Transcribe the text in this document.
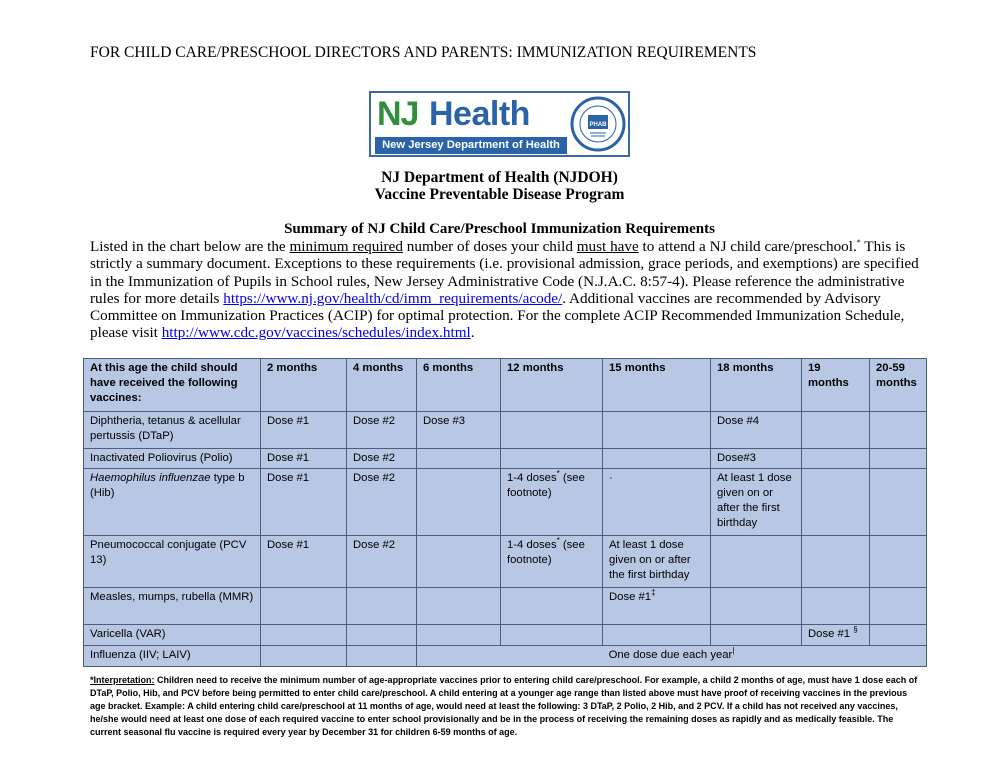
FOR CHILD CARE/PRESCHOOL DIRECTORS AND PARENTS: IMMUNIZATION REQUIREMENTS
NJ Health
New Jersey Department of Health
PHAB
NJ Department of Health (NJDOH)
Vaccine Preventable Disease Program
Summary of NJ Child Care/Preschool Immunization Requirements
Listed in the chart below are the minimum required number of doses your child must have to attend a NJ child care/preschool.* This is strictly a summary document. Exceptions to these requirements (i.e. provisional admission, grace periods, and exemptions) are specified in the Immunization of Pupils in School rules, New Jersey Administrative Code (N.J.A.C. 8:57-4). Please reference the administrative rules for more details https://www.nj.gov/health/cd/imm_requirements/acode/. Additional vaccines are recommended by Advisory Committee on Immunization Practices (ACIP) for optimal protection. For the complete ACIP Recommended Immunization Schedule, please visit http://www.cdc.gov/vaccines/schedules/index.html.
At this age the child should have received the following vaccines:	2 months	4 months	6 months	12 months	15 months	18 months	19 months	20-59 months
Diphtheria, tetanus & acellular pertussis (DTaP)	Dose #1	Dose #2	Dose #3			Dose #4		
Inactivated Poliovirus (Polio)	Dose #1	Dose #2				Dose#3		
Haemophilus influenzae type b (Hib)	Dose #1	Dose #2		1-4 doses* (see footnote)	·	At least 1 dose given on or after the first birthday		
Pneumococcal conjugate (PCV 13)	Dose #1	Dose #2		1-4 doses* (see footnote)	At least 1 dose given on or after the first birthday			
Measles, mumps, rubella (MMR)					Dose #1‡			
Varicella (VAR)							Dose #1 §	
Influenza (IIV; LAIV)			One dose due each year|
*Interpretation: Children need to receive the minimum number of age-appropriate vaccines prior to entering child care/preschool. For example, a child 2 months of age, must have 1 dose each of DTaP, Polio, Hib, and PCV before being permitted to enter child care/preschool. A child entering at a younger age range than listed above must have proof of receiving vaccines in the previous age bracket. Example: A child entering child care/preschool at 11 months of age, would need at least the following: 3 DTaP, 2 Polio, 2 Hib, and 2 PCV. If a child has not received any vaccines, he/she would need at least one dose of each required vaccine to enter school provisionally and be in the process of receiving the remaining doses as rapidly and as medically feasible. The current seasonal flu vaccine is required every year by December 31 for children 6-59 months of age.
